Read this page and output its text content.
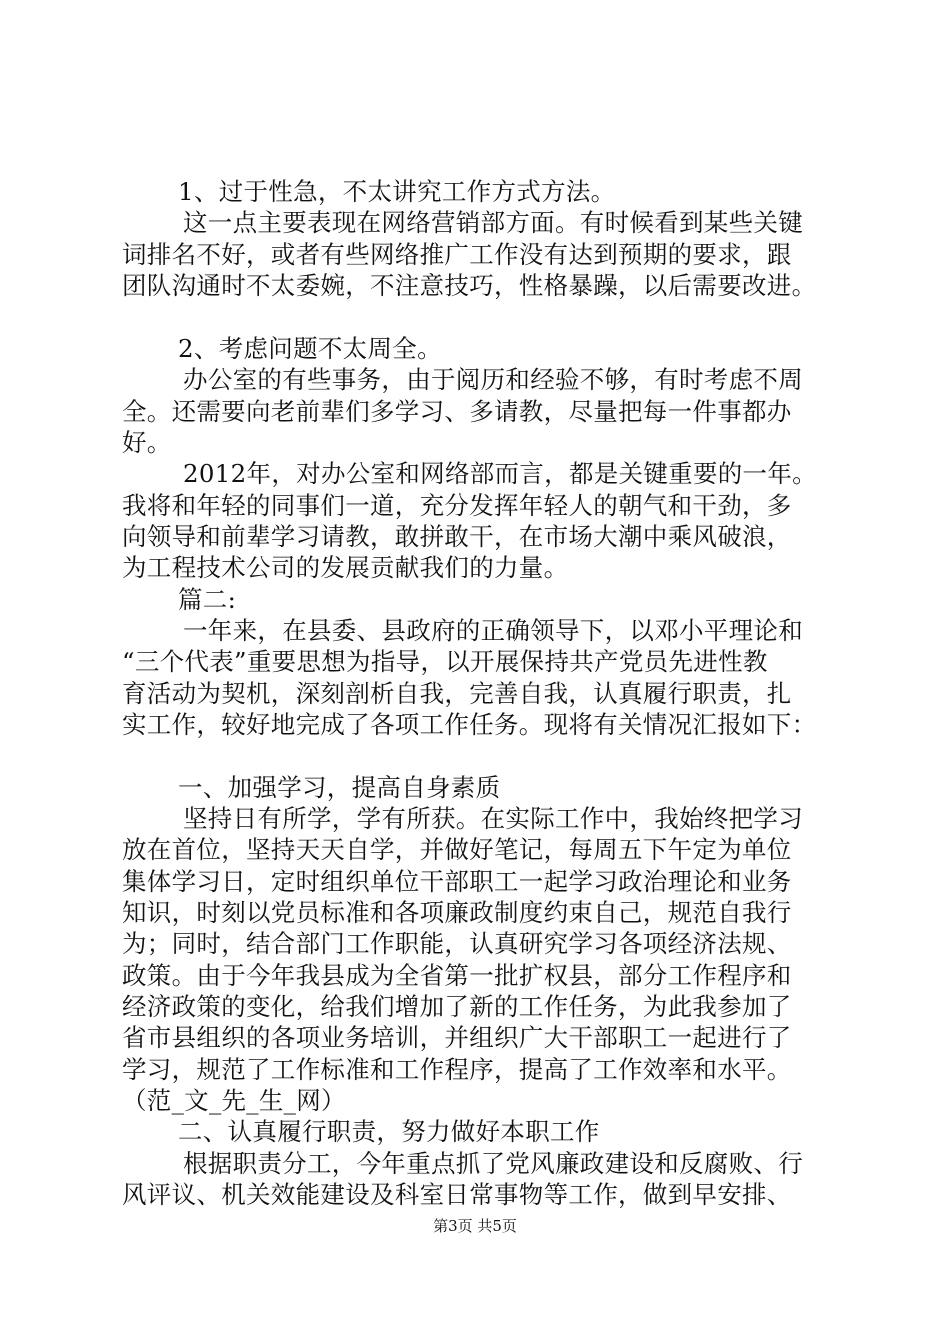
1、过于性急，不太讲究工作方式方法。
这一点主要表现在网络营销部方面。有时候看到某些关键
词排名不好，或者有些网络推广工作没有达到预期的要求，跟
团队沟通时不太委婉，不注意技巧，性格暴躁，以后需要改进。
2、考虑问题不太周全。
办公室的有些事务，由于阅历和经验不够，有时考虑不周
全。还需要向老前辈们多学习、多请教，尽量把每一件事都办
好。
2012年，对办公室和网络部而言，都是关键重要的一年。
我将和年轻的同事们一道，充分发挥年轻人的朝气和干劲，多
向领导和前辈学习请教，敢拼敢干，在市场大潮中乘风破浪，
为工程技术公司的发展贡献我们的力量。
篇二:
一年来，在县委、县政府的正确领导下，以邓小平理论和
“三个代表”重要思想为指导，以开展保持共产党员先进性教
育活动为契机，深刻剖析自我，完善自我，认真履行职责，扎
实工作，较好地完成了各项工作任务。现将有关情况汇报如下：
一、加强学习，提高自身素质
坚持日有所学，学有所获。在实际工作中，我始终把学习
放在首位，坚持天天自学，并做好笔记，每周五下午定为单位
集体学习日，定时组织单位干部职工一起学习政治理论和业务
知识，时刻以党员标准和各项廉政制度约束自己，规范自我行
为；同时，结合部门工作职能，认真研究学习各项经济法规、
政策。由于今年我县成为全省第一批扩权县，部分工作程序和
经济政策的变化，给我们增加了新的工作任务，为此我参加了
省市县组织的各项业务培训，并组织广大干部职工一起进行了
学习，规范了工作标准和工作程序，提高了工作效率和水平。
（范_文_先_生_网）
二、认真履行职责，努力做好本职工作
根据职责分工，今年重点抓了党风廉政建设和反腐败、行
风评议、机关效能建设及科室日常事物等工作，做到早安排、
第3页 共5页
